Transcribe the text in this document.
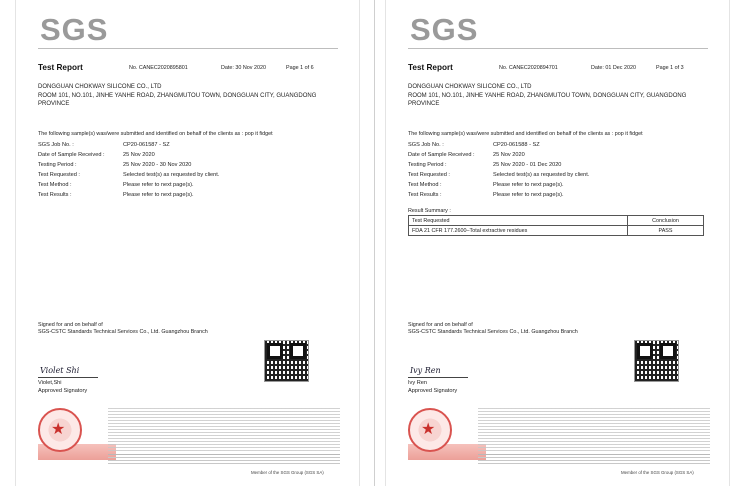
SGS
Test Report	No. CANEC2020895801	Date: 30 Nov 2020	Page 1 of 6
DONGGUAN CHOKWAY SILICONE CO., LTD
ROOM 101, NO.101, JINHE YANHE ROAD, ZHANGMUTOU TOWN, DONGGUAN CITY, GUANGDONG PROVINCE
The following sample(s) was/were submitted and identified on behalf of the clients as : pop it fidget
SGS Job No. :	CP20-061587 - SZ
Date of Sample Received :	25 Nov 2020
Testing Period :	25 Nov 2020 - 30 Nov 2020
Test Requested :	Selected test(s) as requested by client.
Test Method :	Please refer to next page(s).
Test Results :	Please refer to next page(s).
Signed for and on behalf of
SGS-CSTC Standards Technical Services Co., Ltd. Guangzhou Branch
Violet Shi
Violet,Shi
Approved Signatory
★
Member of the SGS Group (SGS SA)
SGS
Test Report	No. CANEC2020894701	Date: 01 Dec 2020	Page 1 of 3
DONGGUAN CHOKWAY SILICONE CO., LTD
ROOM 101, NO.101, JINHE YANHE ROAD, ZHANGMUTOU TOWN, DONGGUAN CITY, GUANGDONG PROVINCE
The following sample(s) was/were submitted and identified on behalf of the clients as : pop it fidget
SGS Job No. :	CP20-061588 - SZ
Date of Sample Received :	25 Nov 2020
Testing Period :	25 Nov 2020 - 01 Dec 2020
Test Requested :	Selected test(s) as requested by client.
Test Method :	Please refer to next page(s).
Test Results :	Please refer to next page(s).
Result Summary :
Test Requested	Conclusion
FDA 21 CFR 177.2600–Total extractive residues	PASS
Signed for and on behalf of
SGS-CSTC Standards Technical Services Co., Ltd. Guangzhou Branch
Ivy Ren
Ivy Ren
Approved Signatory
★
Member of the SGS Group (SGS SA)
